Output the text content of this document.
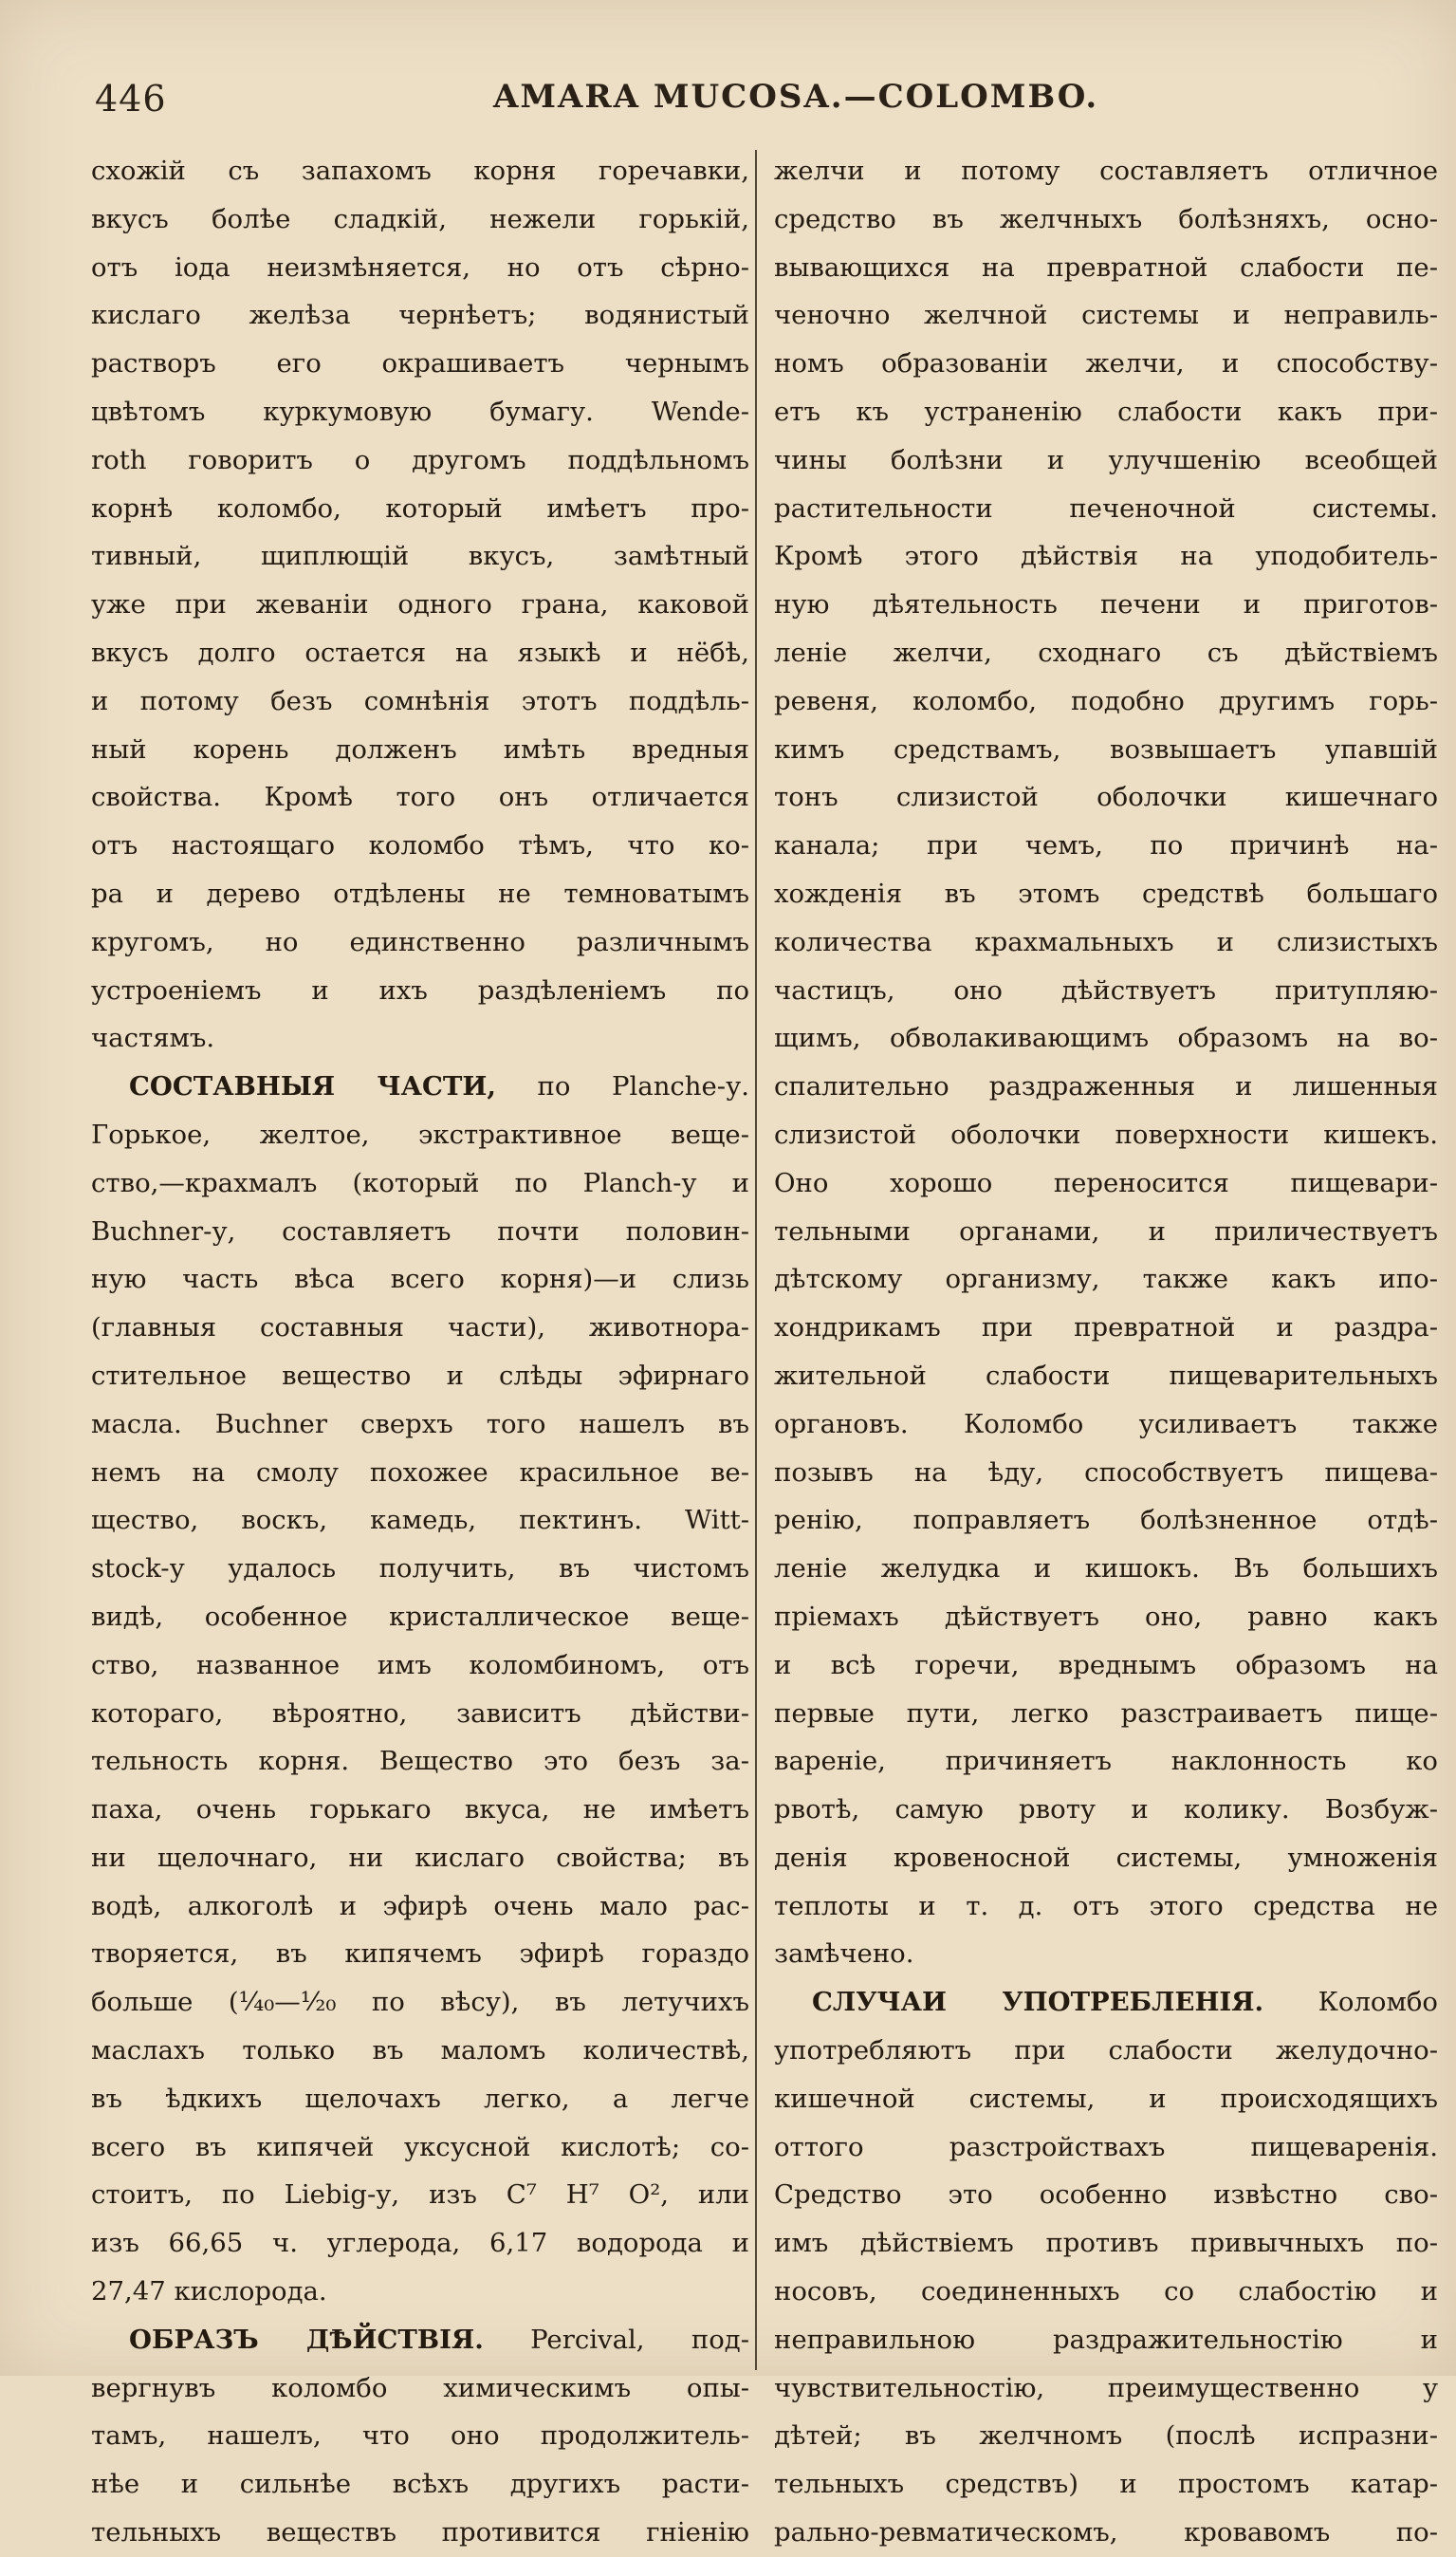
446	AMARA MUCOSA.—COLOMBO.
схожій съ запахомъ корня горечавки,
вкусъ болѣе сладкій, нежели горькій,
отъ іода неизмѣняется, но отъ сѣрно-
кислаго желѣза чернѣетъ; водянистый
растворъ его окрашиваетъ чернымъ
цвѣтомъ куркумовую бумагу. Wende-
roth говоритъ о другомъ поддѣльномъ
корнѣ коломбо, который имѣетъ про-
тивный, щиплющій вкусъ, замѣтный
уже при жеваніи одного грана, каковой
вкусъ долго остается на языкѣ и нёбѣ,
и потому безъ сомнѣнія этотъ поддѣль-
ный корень долженъ имѣть вредныя
свойства. Кромѣ того онъ отличается
отъ настоящаго коломбо тѣмъ, что ко-
ра и дерево отдѣлены не темноватымъ
кругомъ, но единственно различнымъ
устроеніемъ и ихъ раздѣленіемъ по
частямъ.
СОСТАВНЫЯ ЧАСТИ, по Planche-у.
Горькое, желтое, экстрактивное веще-
ство,—крахмалъ (который по Planch-у и
Buchner-у, составляетъ почти половин-
ную часть вѣса всего корня)—и слизь
(главныя составныя части), животнора-
стительное вещество и слѣды эфирнаго
масла. Buchner сверхъ того нашелъ въ
немъ на смолу похожее красильное ве-
щество, воскъ, камедь, пектинъ. Witt-
stock-у удалось получить, въ чистомъ
видѣ, особенное кристаллическое веще-
ство, названное имъ коломбиномъ, отъ
котораго, вѣроятно, зависитъ дѣйстви-
тельность корня. Вещество это безъ за-
паха, очень горькаго вкуса, не имѣетъ
ни щелочнаго, ни кислаго свойства; въ
водѣ, алкоголѣ и эфирѣ очень мало рас-
творяется, въ кипячемъ эфирѣ гораздо
больше (¹⁄₄₀—¹⁄₂₀ по вѣсу), въ летучихъ
маслахъ только въ маломъ количествѣ,
въ ѣдкихъ щелочахъ легко, а легче
всего въ кипячей уксусной кислотѣ; со-
стоитъ, по Liebig-у, изъ C⁷ H⁷ O², или
изъ 66,65 ч. углерода, 6,17 водорода и
27,47 кислорода.
ОБРАЗЪ ДѢЙСТВІЯ. Percival, под-
вергнувъ коломбо химическимъ опы-
тамъ, нашелъ, что оно продолжитель-
нѣе и сильнѣе всѣхъ другихъ расти-
тельныхъ веществъ противится гніенію
желчи и потому составляетъ отличное
средство въ желчныхъ болѣзняхъ, осно-
вывающихся на превратной слабости пе-
ченочно желчной системы и неправиль-
номъ образованіи желчи, и способству-
етъ къ устраненію слабости какъ при-
чины болѣзни и улучшенію всеобщей
растительности печеночной системы.
Кромѣ этого дѣйствія на уподобитель-
ную дѣятельность печени и приготов-
леніе желчи, сходнаго съ дѣйствіемъ
ревеня, коломбо, подобно другимъ горь-
кимъ средствамъ, возвышаетъ упавшій
тонъ слизистой оболочки кишечнаго
канала; при чемъ, по причинѣ на-
хожденія въ этомъ средствѣ большаго
количества крахмальныхъ и слизистыхъ
частицъ, оно дѣйствуетъ притупляю-
щимъ, обволакивающимъ образомъ на во-
спалительно раздраженныя и лишенныя
слизистой оболочки поверхности кишекъ.
Оно хорошо переносится пищевари-
тельными органами, и приличествуетъ
дѣтскому организму, также какъ ипо-
хондрикамъ при превратной и раздра-
жительной слабости пищеварительныхъ
органовъ. Коломбо усиливаетъ также
позывъ на ѣду, способствуетъ пищева-
ренію, поправляетъ болѣзненное отдѣ-
леніе желудка и кишокъ. Въ большихъ
пріемахъ дѣйствуетъ оно, равно какъ
и всѣ горечи, вреднымъ образомъ на
первые пути, легко разстраиваетъ пище-
вареніе, причиняетъ наклонность ко
рвотѣ, самую рвоту и колику. Возбуж-
денія кровеносной системы, умноженія
теплоты и т. д. отъ этого средства не
замѣчено.
СЛУЧАИ УПОТРЕБЛЕНІЯ. Коломбо
употребляютъ при слабости желудочно-
кишечной системы, и происходящихъ
оттого разстройствахъ пищеваренія.
Средство это особенно извѣстно сво-
имъ дѣйствіемъ противъ привычныхъ по-
носовъ, соединенныхъ со слабостію и
неправильною раздражительностію и
чувствительностію, преимущественно у
дѣтей; въ желчномъ (послѣ испразни-
тельныхъ средствъ) и простомъ катар-
рально-ревматическомъ, кровавомъ по-
